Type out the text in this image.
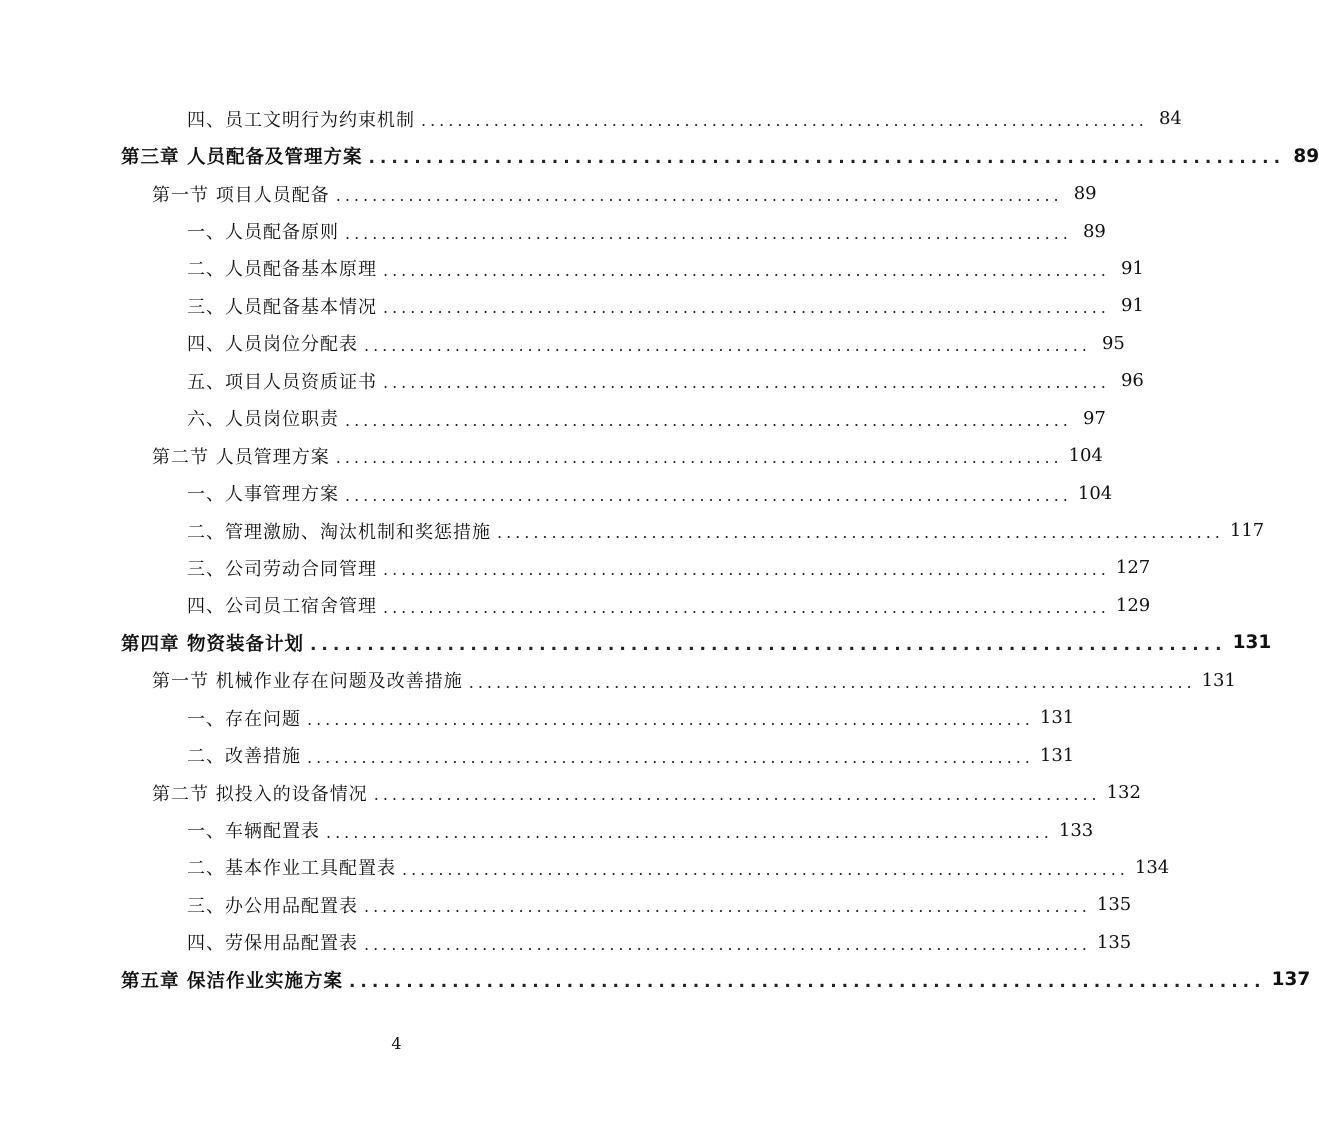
四、员工文明行为约束机制 ................................................................................ 84
第三章 人员配备及管理方案 ................................................................................ 89
第一节 项目人员配备 ................................................................................ 89
一、人员配备原则 ................................................................................ 89
二、人员配备基本原理 ................................................................................ 91
三、人员配备基本情况 ................................................................................ 91
四、人员岗位分配表 ................................................................................ 95
五、项目人员资质证书 ................................................................................ 96
六、人员岗位职责 ................................................................................ 97
第二节 人员管理方案 ................................................................................ 104
一、人事管理方案 ................................................................................ 104
二、管理激励、淘汰机制和奖惩措施 ................................................................................ 117
三、公司劳动合同管理 ................................................................................ 127
四、公司员工宿舍管理 ................................................................................ 129
第四章 物资装备计划 ................................................................................ 131
第一节 机械作业存在问题及改善措施 ................................................................................ 131
一、存在问题 ................................................................................ 131
二、改善措施 ................................................................................ 131
第二节 拟投入的设备情况 ................................................................................ 132
一、车辆配置表 ................................................................................ 133
二、基本作业工具配置表 ................................................................................ 134
三、办公用品配置表 ................................................................................ 135
四、劳保用品配置表 ................................................................................ 135
第五章 保洁作业实施方案 ................................................................................ 137
4
